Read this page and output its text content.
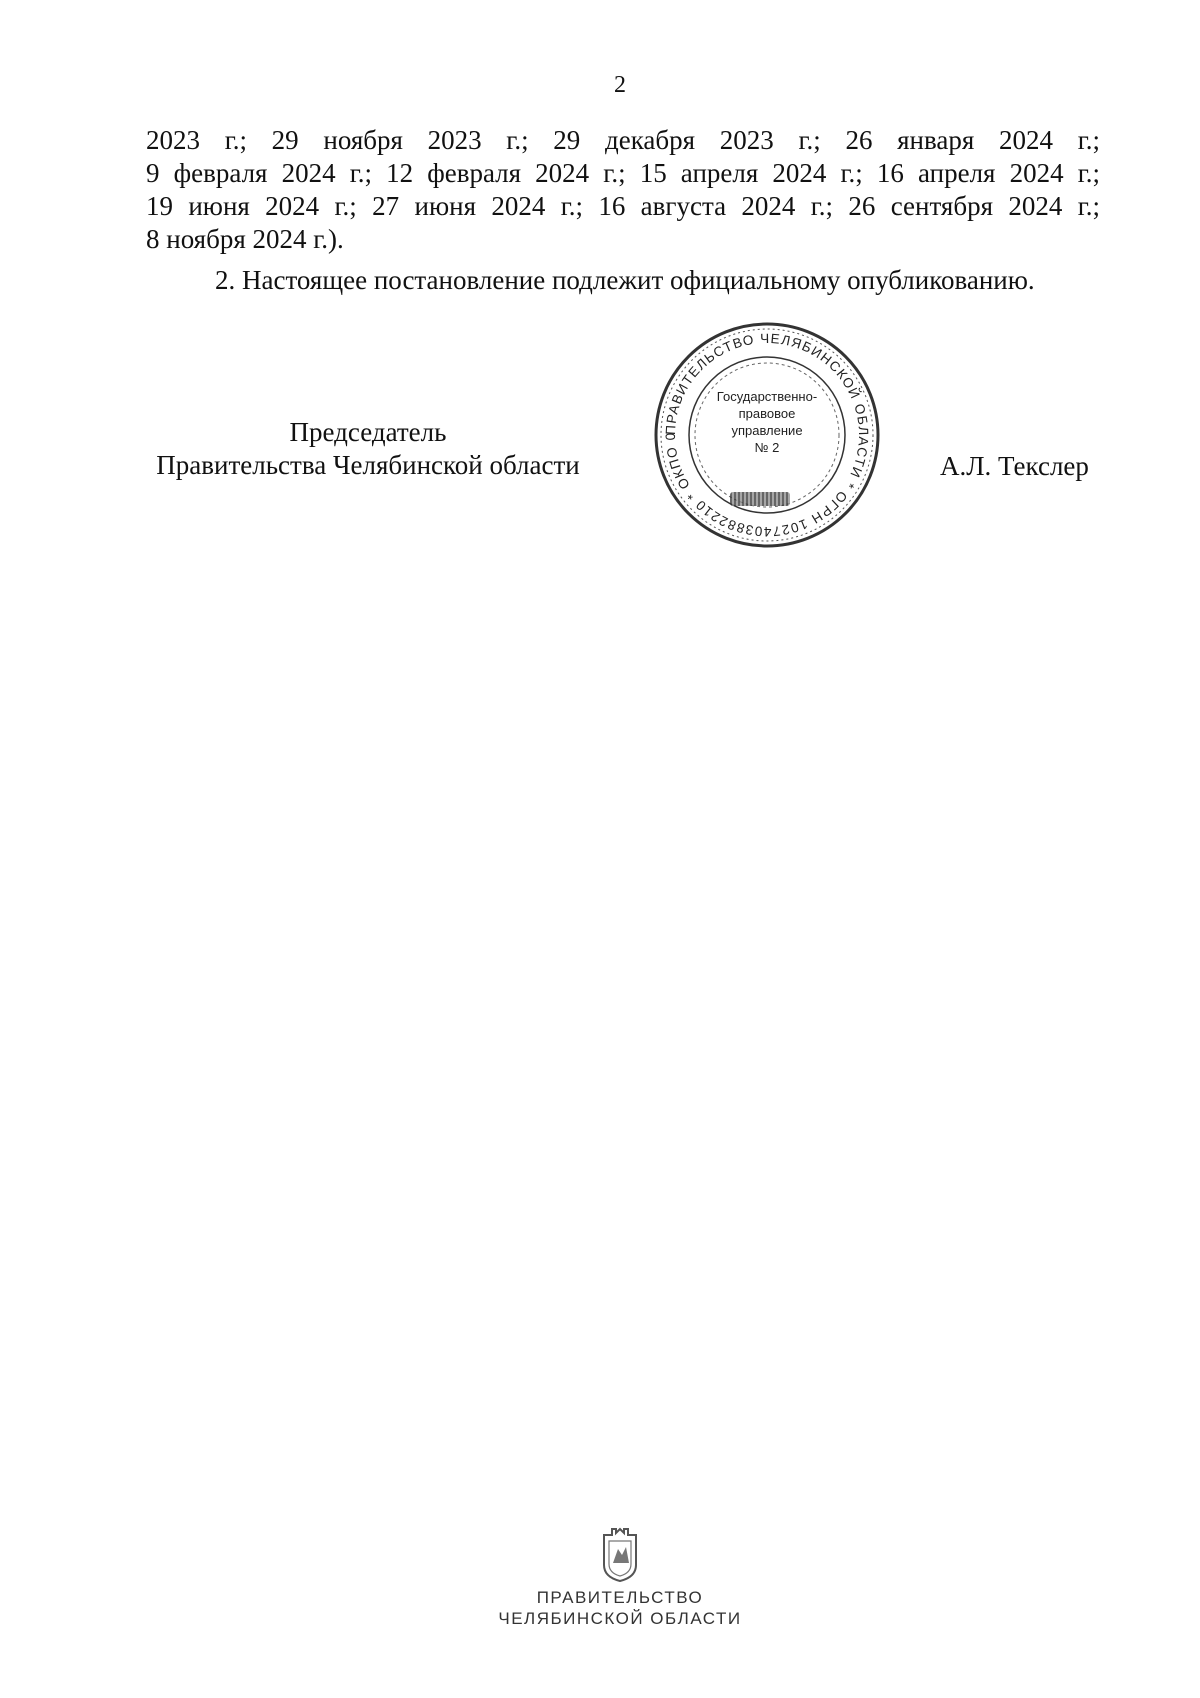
2
2023 г.; 29 ноября 2023 г.; 29 декабря 2023 г.; 26 января 2024 г.;
9 февраля 2024 г.; 12 февраля 2024 г.; 15 апреля 2024 г.; 16 апреля 2024 г.;
19 июня 2024 г.; 27 июня 2024 г.; 16 августа 2024 г.; 26 сентября 2024 г.;
8 ноября 2024 г.).
2. Настоящее постановление подлежит официальному опубликованию.
Председатель
Правительства Челябинской области
ПРАВИТЕЛЬСТВО ЧЕЛЯБИНСКОЙ ОБЛАСТИ * ОГРН 1027403882210 * ОКПО 0
Государственно-
правовое
управление
№ 2
А.Л. Текслер
ПРАВИТЕЛЬСТВО
ЧЕЛЯБИНСКОЙ ОБЛАСТИ
